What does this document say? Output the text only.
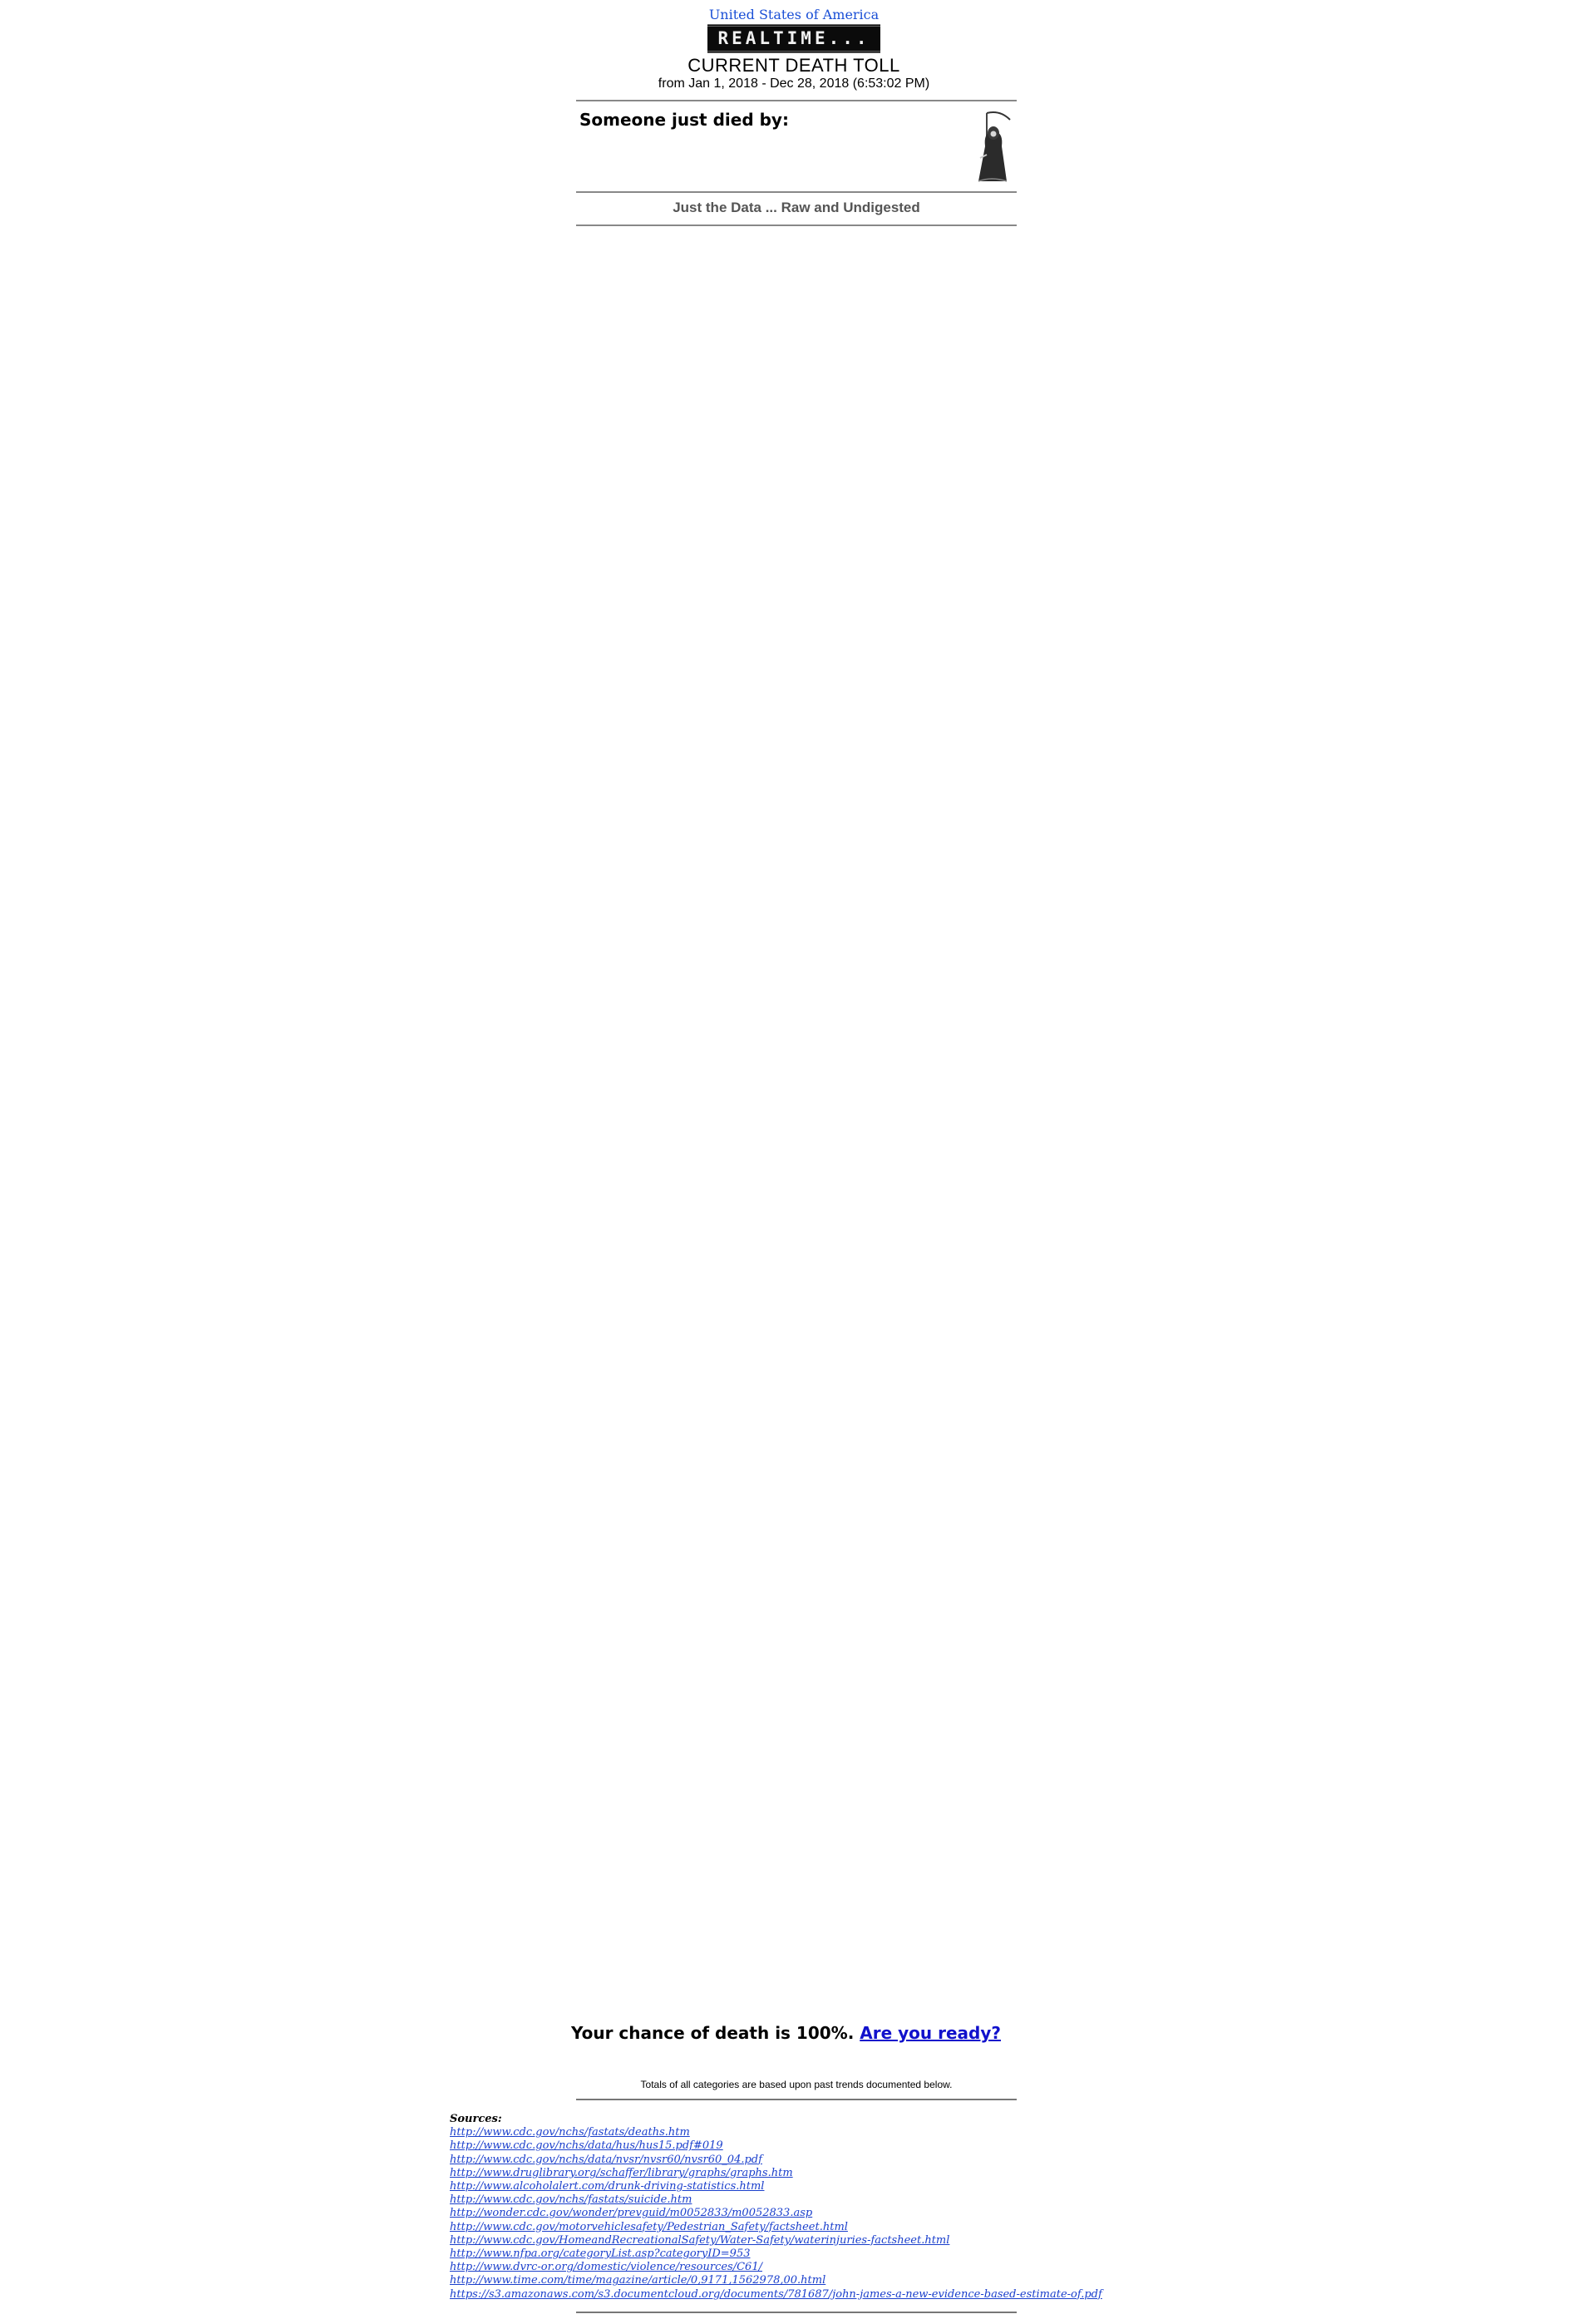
United States of America
REALTIME...
CURRENT DEATH TOLL
from Jan 1, 2018 - Dec 28, 2018 (6:53:02 PM)
Someone just died by:
Just the Data ... Raw and Undigested

Your chance of death is 100%. Are you ready?
Totals of all categories are based upon past trends documented below.
Sources:
http://www.cdc.gov/nchs/fastats/deaths.htm
http://www.cdc.gov/nchs/data/hus/hus15.pdf#019
http://www.cdc.gov/nchs/data/nvsr/nvsr60/nvsr60_04.pdf
http://www.druglibrary.org/schaffer/library/graphs/graphs.htm
http://www.alcoholalert.com/drunk-driving-statistics.html
http://www.cdc.gov/nchs/fastats/suicide.htm
http://wonder.cdc.gov/wonder/prevguid/m0052833/m0052833.asp
http://www.cdc.gov/motorvehiclesafety/Pedestrian_Safety/factsheet.html
http://www.cdc.gov/HomeandRecreationalSafety/Water-Safety/waterinjuries-factsheet.html
http://www.nfpa.org/categoryList.asp?categoryID=953
http://www.dvrc-or.org/domestic/violence/resources/C61/
http://www.time.com/time/magazine/article/0,9171,1562978,00.html
https://s3.amazonaws.com/s3.documentcloud.org/documents/781687/john-james-a-new-evidence-based-estimate-of.pdf
